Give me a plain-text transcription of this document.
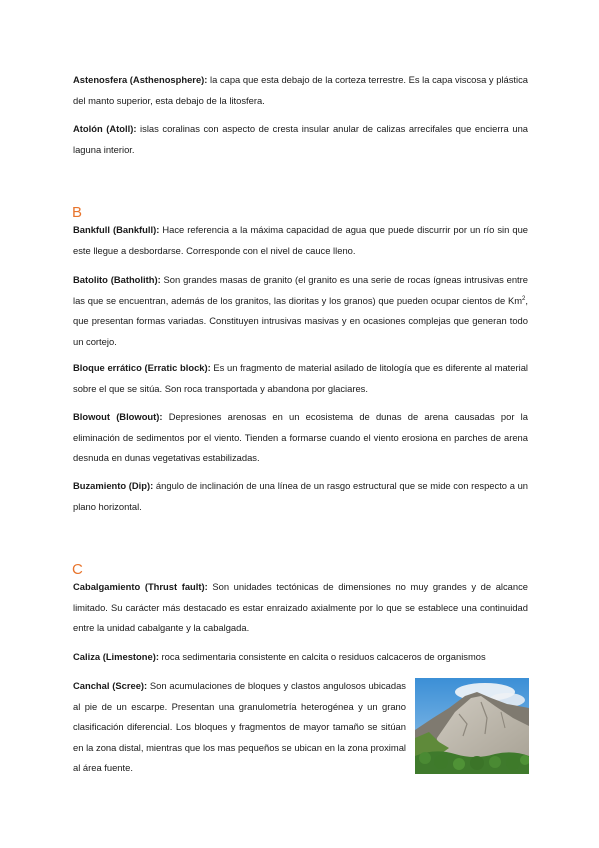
Astenosfera (Asthenosphere): la capa que esta debajo de la corteza terrestre. Es la capa viscosa y plástica del manto superior, esta debajo de la litosfera.

Atolón (Atoll): islas coralinas con aspecto de cresta insular anular de calizas arrecifales que encierra una laguna interior.

B

Bankfull (Bankfull): Hace referencia a la máxima capacidad de agua que puede discurrir por un río sin que este llegue a desbordarse. Corresponde con el nivel de cauce lleno.

Batolito (Batholith): Son grandes masas de granito (el granito es una serie de rocas ígneas intrusivas entre las que se encuentran, además de los granitos, las dioritas y los granos) que pueden ocupar cientos de Km$^2$, que presentan formas variadas. Constituyen intrusivas masivas y en ocasiones complejas que generan todo un cortejo.

Bloque errático (Erratic block): Es un fragmento de material asilado de litología que es diferente al material sobre el que se sitúa. Son roca transportada y abandona por glaciares.

Blowout (Blowout): Depresiones arenosas en un ecosistema de dunas de arena causadas por la eliminación de sedimentos por el viento. Tienden a formarse cuando el viento erosiona en parches de arena desnuda en dunas vegetativas estabilizadas.

Buzamiento (Dip): ángulo de inclinación de una línea de un rasgo estructural que se mide con respecto a un plano horizontal.

C

Cabalgamiento (Thrust fault): Son unidades tectónicas de dimensiones no muy grandes y de alcance limitado. Su carácter más destacado es estar enraizado axialmente por lo que se establece una continuidad entre la unidad cabalgante y la cabalgada.

Caliza (Limestone): roca sedimentaria consistente en calcita o residuos calcaceros de organismos

Canchal (Scree): Son acumulaciones de bloques y clastos angulosos ubicadas al pie de un escarpe. Presentan una granulometría heterogénea y un grano clasificación diferencial. Los bloques y fragmentos de mayor tamaño se sitúan en la zona distal, mientras que los mas pequeños se ubican en la zona proximal al área fuente.
